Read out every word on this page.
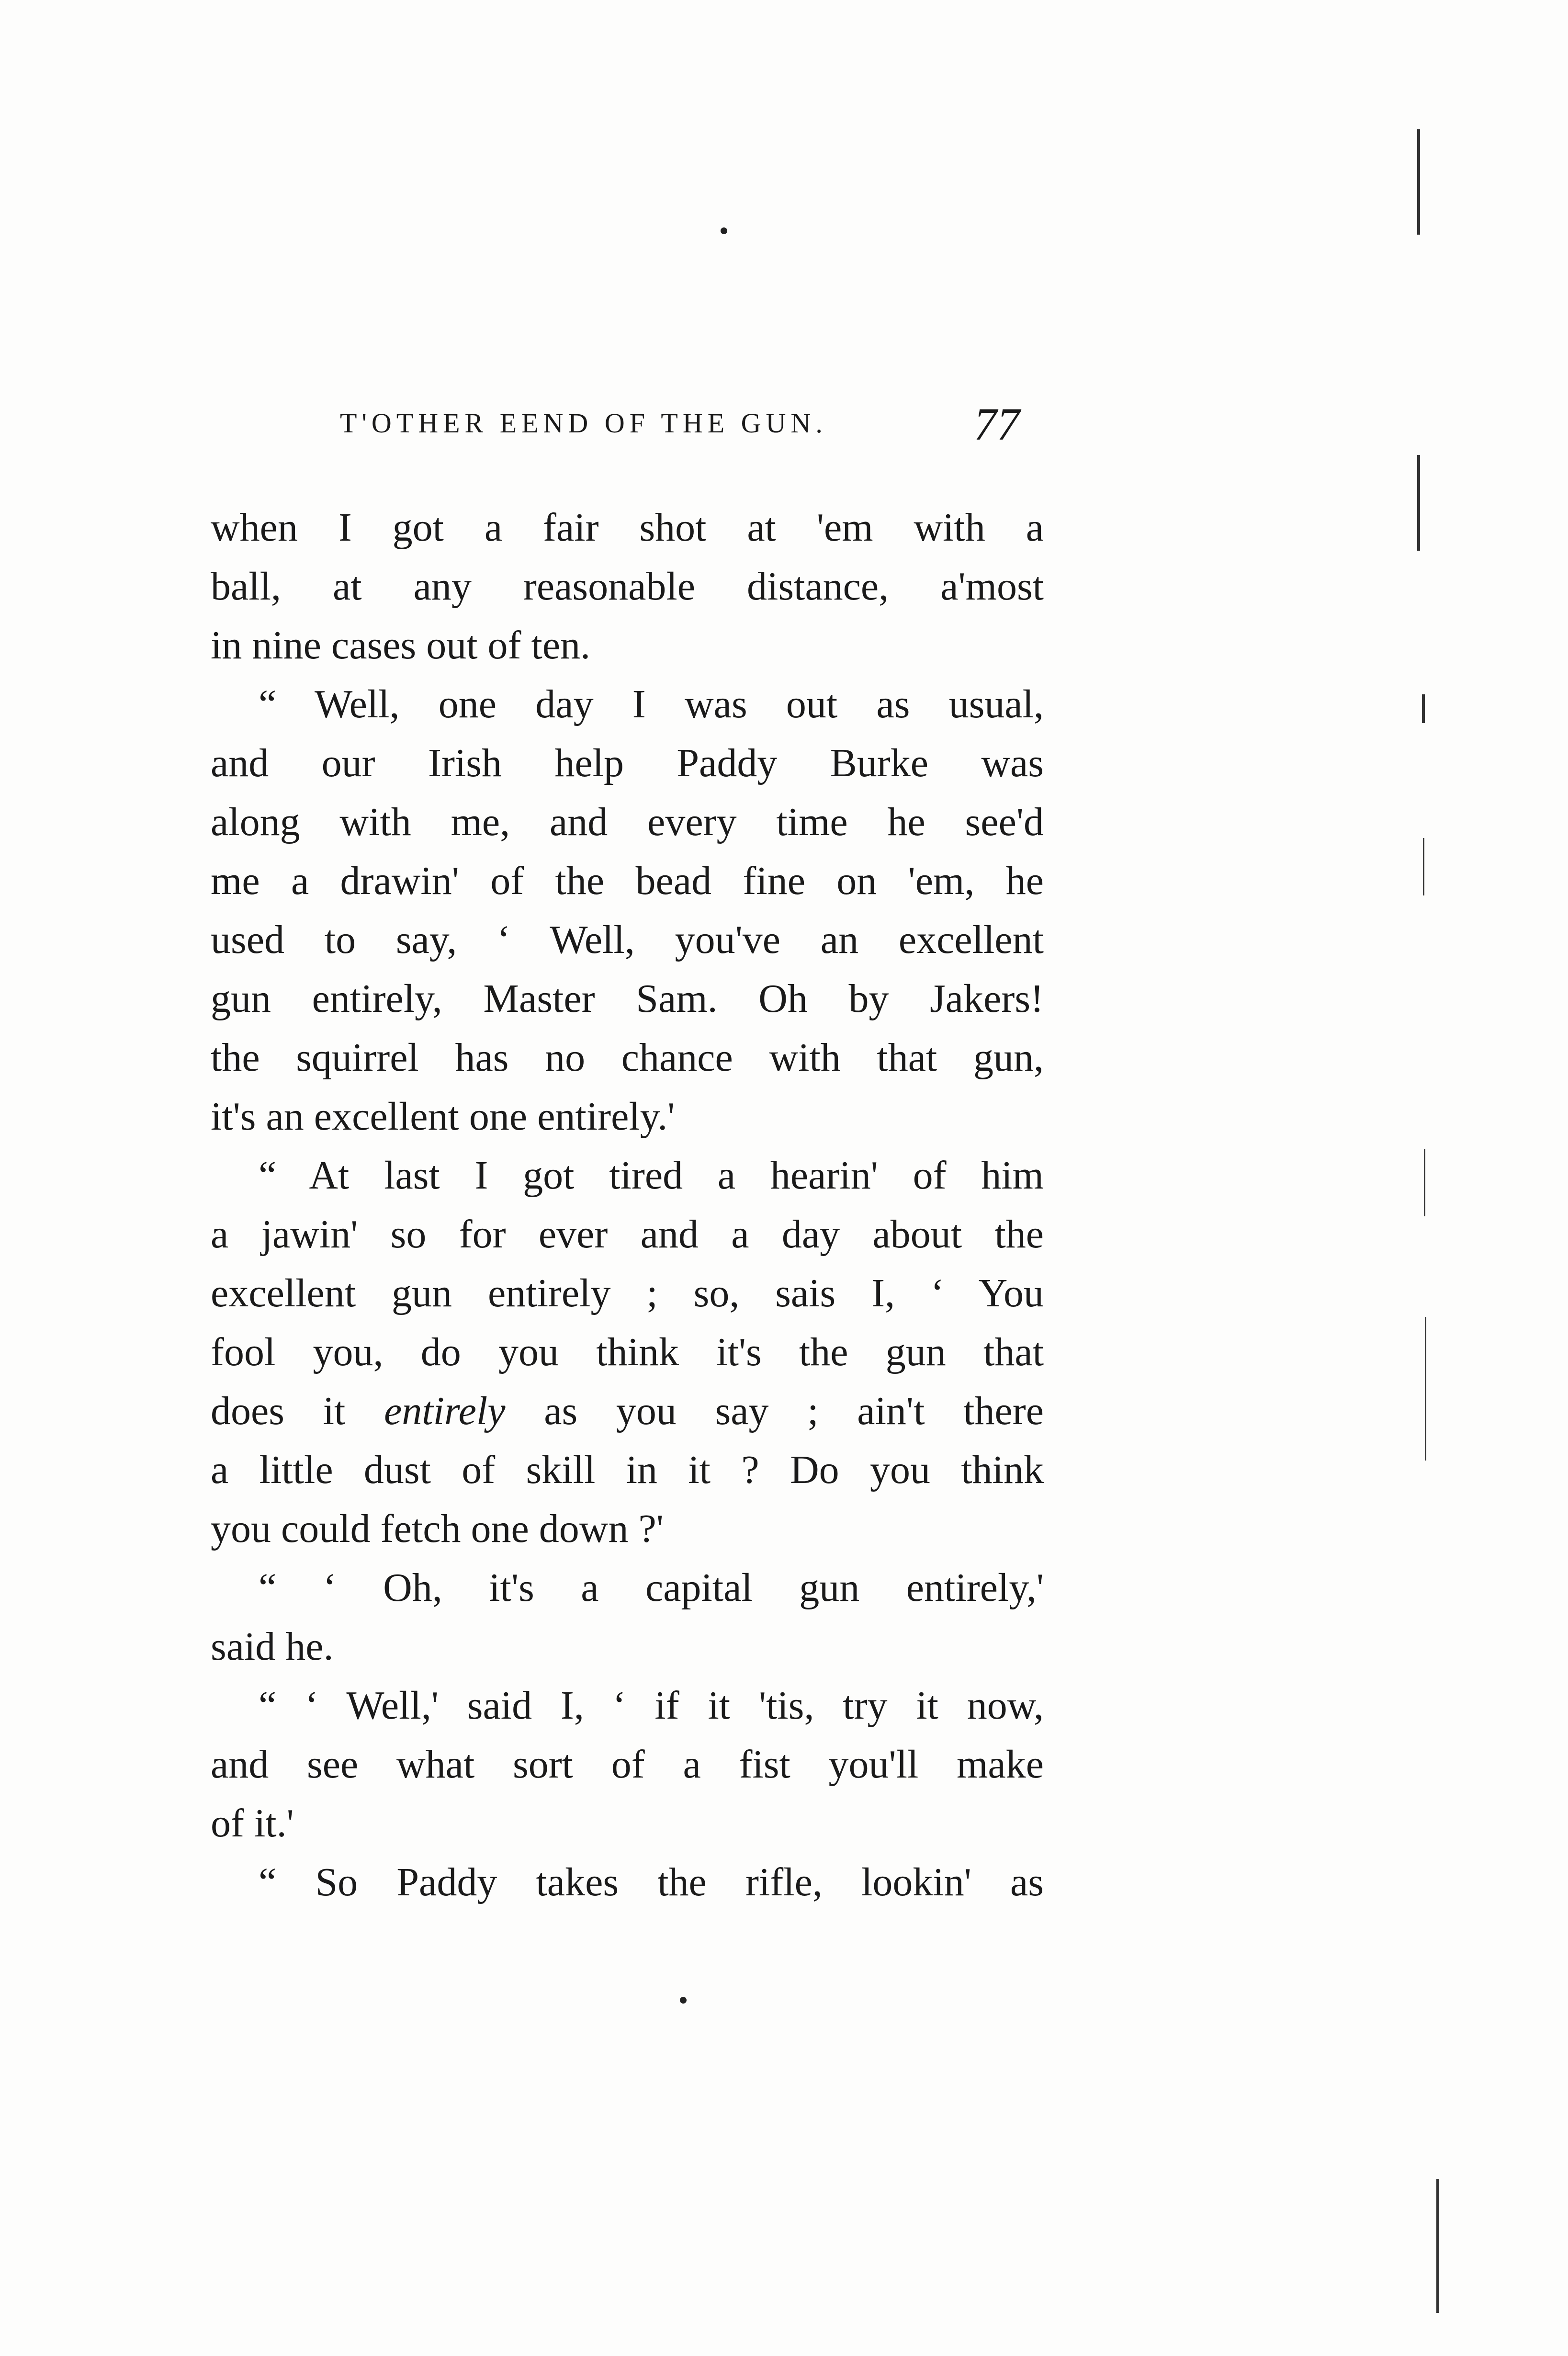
T'OTHER EEND OF THE GUN.	77
when I got a fair shot at 'em with a
ball, at any reasonable distance, a'most
in nine cases out of ten.
“ Well, one day I was out as usual,
and our Irish help Paddy Burke was
along with me, and every time he see'd
me a drawin' of the bead fine on 'em, he
used to say, ‘ Well, you've an excellent
gun entirely, Master Sam. Oh by Jakers!
the squirrel has no chance with that gun,
it's an excellent one entirely.'
“ At last I got tired a hearin' of him
a jawin' so for ever and a day about the
excellent gun entirely ; so, sais I, ‘ You
fool you, do you think it's the gun that
does it entirely as you say ; ain't there
a little dust of skill in it ? Do you think
you could fetch one down ?'
“ ‘ Oh, it's a capital gun entirely,'
said he.
“ ‘ Well,' said I, ‘ if it 'tis, try it now,
and see what sort of a fist you'll make
of it.'
“ So Paddy takes the rifle, lookin' as
